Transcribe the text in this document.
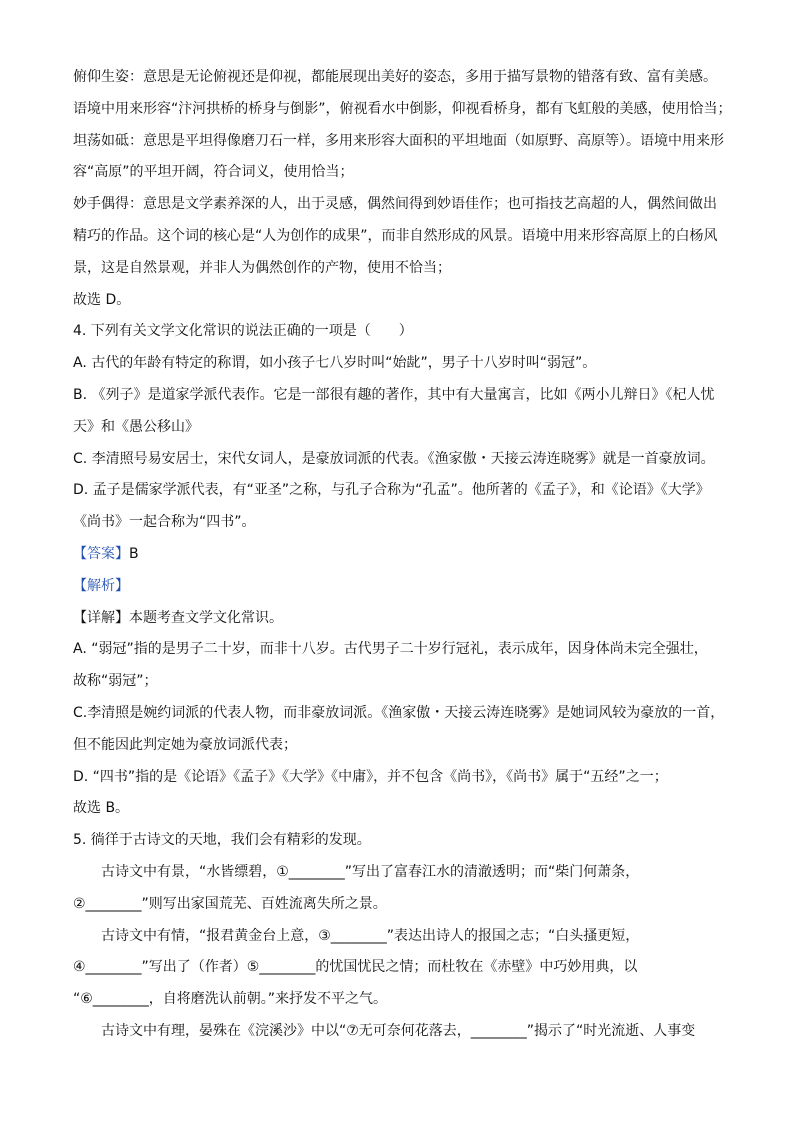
俯仰生姿：意思是无论俯视还是仰视，都能展现出美好的姿态，多用于描写景物的错落有致、富有美感。
语境中用来形容“汴河拱桥的桥身与倒影”，俯视看水中倒影，仰视看桥身，都有飞虹般的美感，使用恰当；
坦荡如砥：意思是平坦得像磨刀石一样，多用来形容大面积的平坦地面（如原野、高原等）。语境中用来形
容“高原”的平坦开阔，符合词义，使用恰当；
妙手偶得：意思是文学素养深的人，出于灵感，偶然间得到妙语佳作；也可指技艺高超的人，偶然间做出
精巧的作品。这个词的核心是“人为创作的成果”，而非自然形成的风景。语境中用来形容高原上的白杨风
景，这是自然景观，并非人为偶然创作的产物，使用不恰当；
故选 D。
4. 下列有关文学文化常识的说法正确的一项是（　　）
A. 古代的年龄有特定的称谓，如小孩子七八岁时叫“始龀”，男子十八岁时叫“弱冠”。
B. 《列子》是道家学派代表作。它是一部很有趣的著作，其中有大量寓言，比如《两小儿辩日》《杞人忧
天》和《愚公移山》
C. 李清照号易安居士，宋代女词人，是豪放词派的代表。《渔家傲・天接云涛连晓雾》就是一首豪放词。
D. 孟子是儒家学派代表，有“亚圣”之称，与孔子合称为“孔孟”。他所著的《孟子》，和《论语》《大学》
《尚书》一起合称为“四书”。
【答案】B
【解析】
【详解】本题考查文学文化常识。
A. “弱冠”指的是男子二十岁，而非十八岁。古代男子二十岁行冠礼，表示成年，因身体尚未完全强壮，
故称“弱冠”；
C.李清照是婉约词派的代表人物，而非豪放词派。《渔家傲・天接云涛连晓雾》是她词风较为豪放的一首，
但不能因此判定她为豪放词派代表；
D. “四书”指的是《论语》《孟子》《大学》《中庸》，并不包含《尚书》，《尚书》属于“五经”之一；
故选 B。
5. 徜徉于古诗文的天地，我们会有精彩的发现。
古诗文中有景，“水皆缥碧，①________”写出了富春江水的清澈透明；而“柴门何萧条，
②________”则写出家国荒芜、百姓流离失所之景。
古诗文中有情，“报君黄金台上意，③________”表达出诗人的报国之志；“白头搔更短，
④________”写出了（作者）⑤________的忧国忧民之情；而杜牧在《赤壁》中巧妙用典，以
“⑥________，自将磨洗认前朝。”来抒发不平之气。
古诗文中有理，晏殊在《浣溪沙》中以“⑦无可奈何花落去，________”揭示了“时光流逝、人事变
